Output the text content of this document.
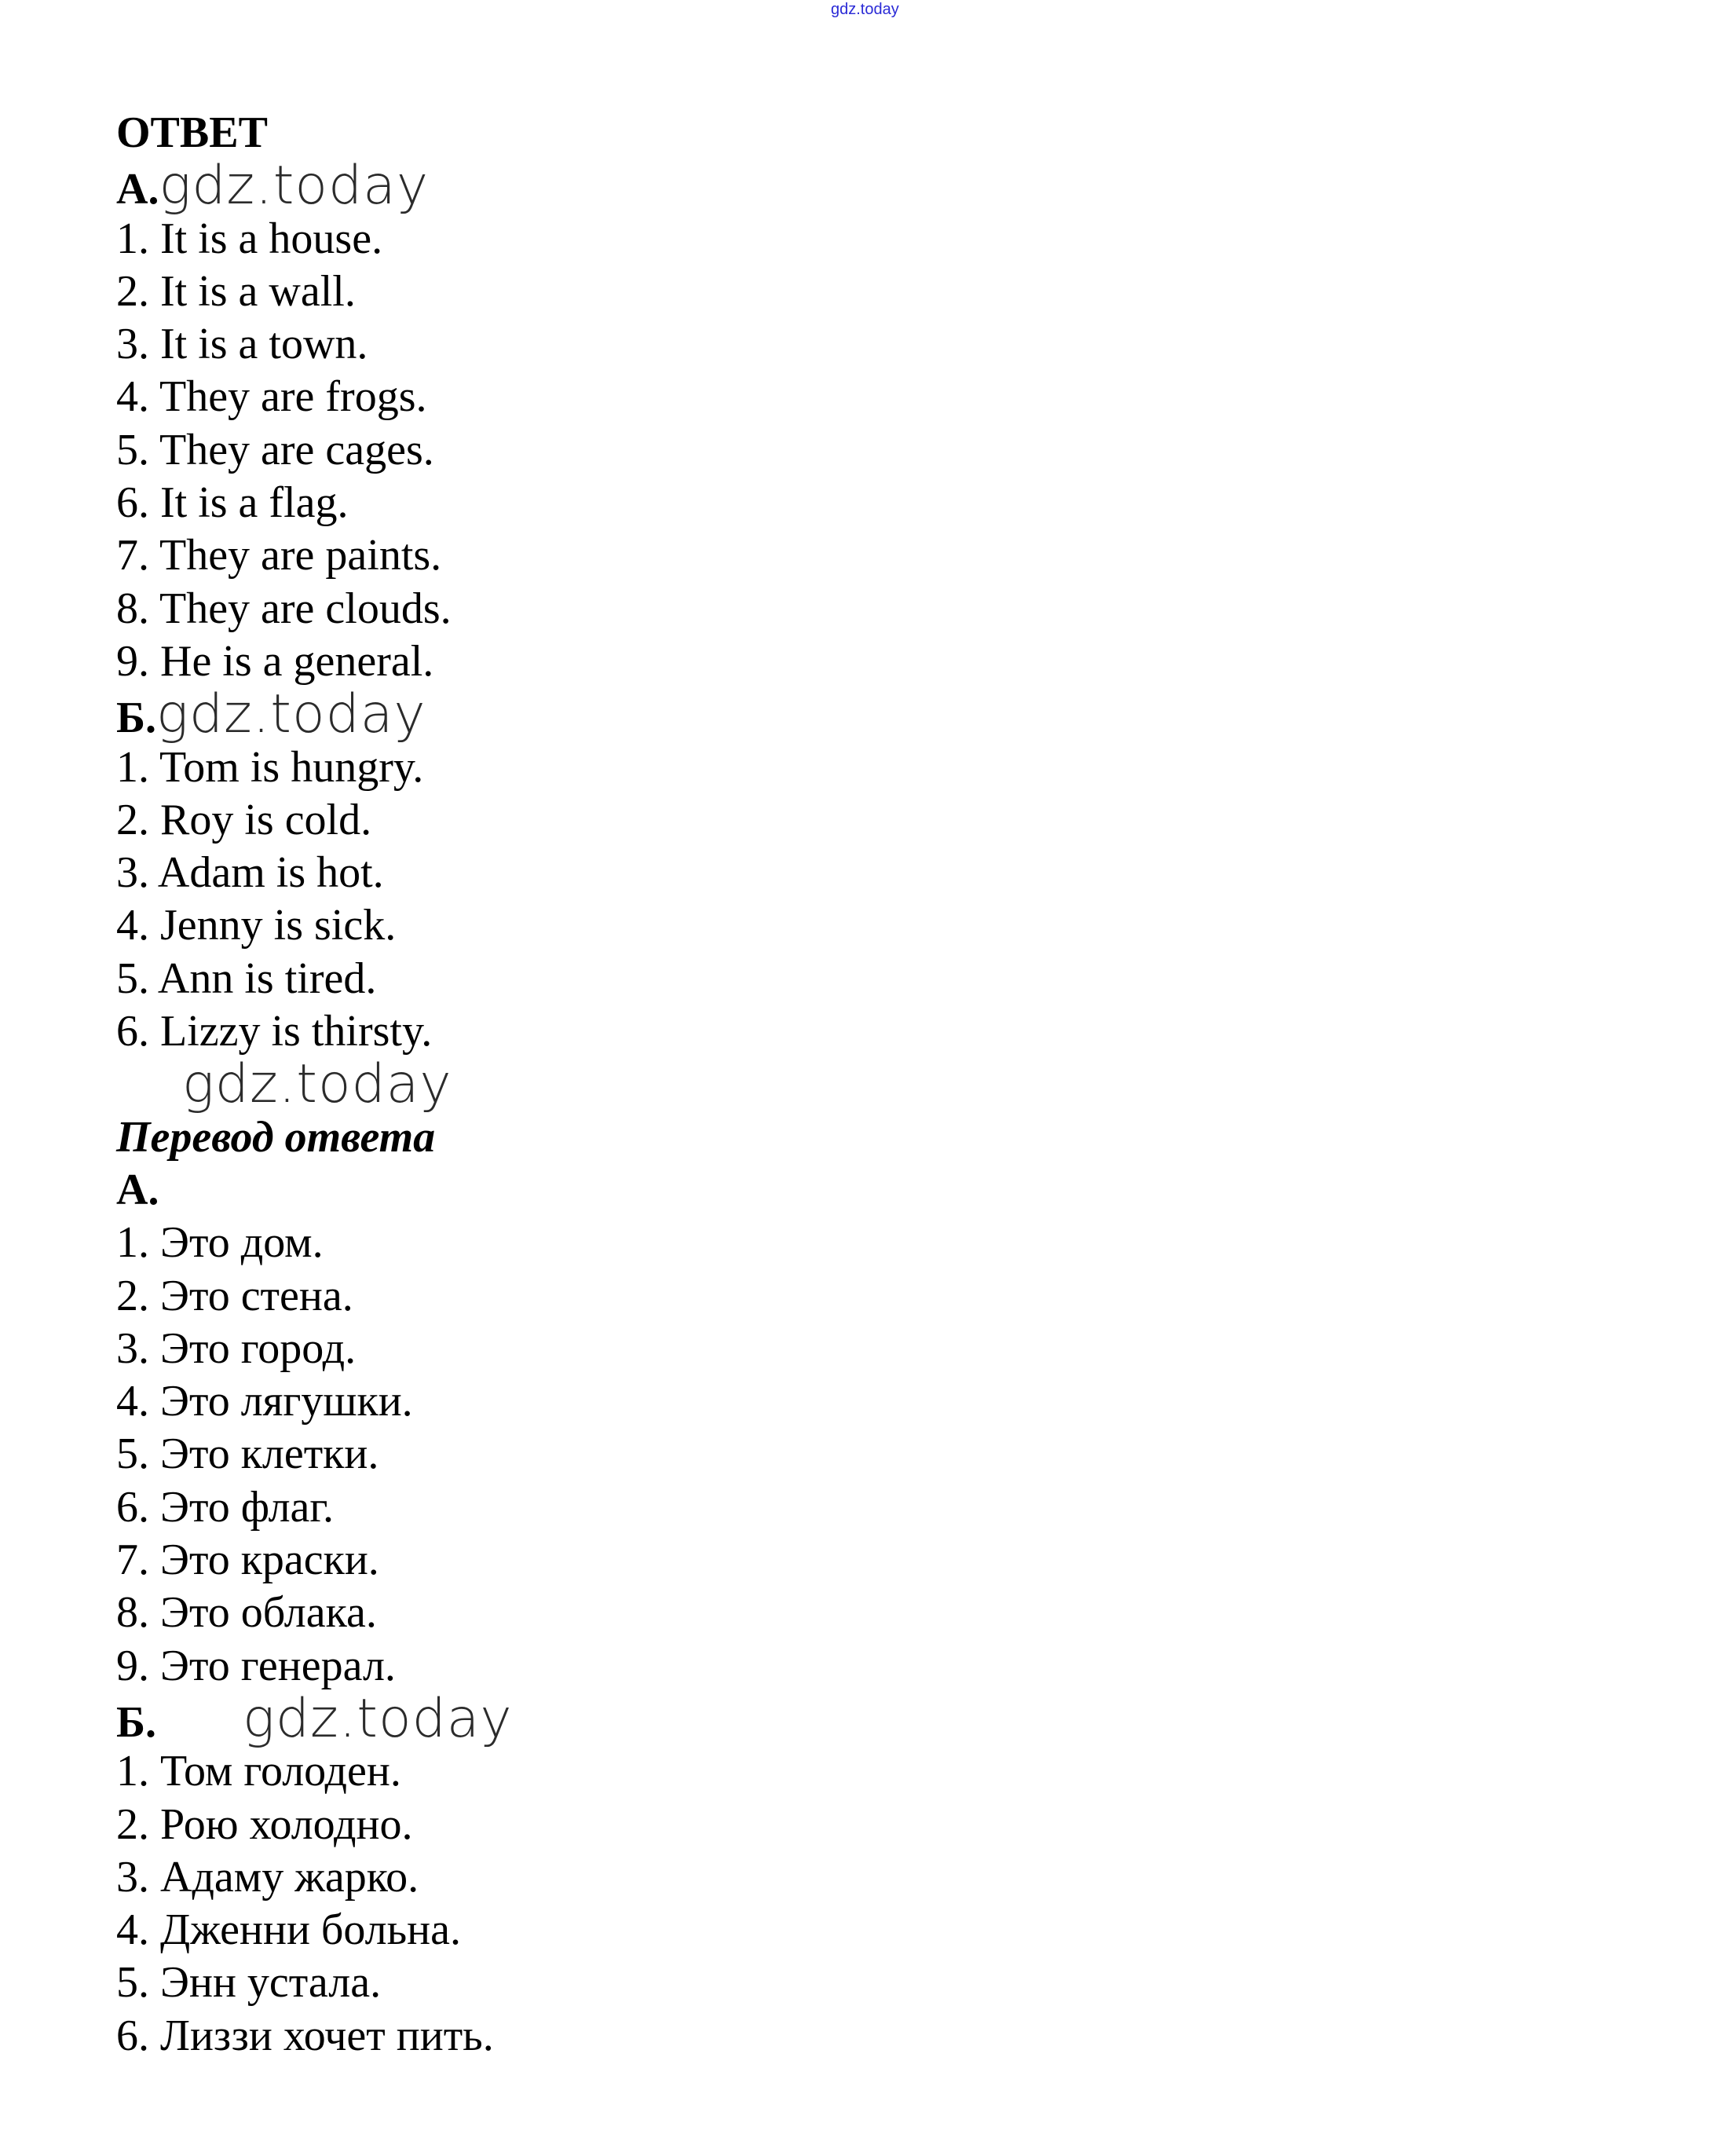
gdz.today
ОТВЕТ
А. gdz.today
1. It is a house.
2. It is a wall.
3. It is a town.
4. They are frogs.
5. They are cages.
6. It is a flag.
7. They are paints.
8. They are clouds.
9. He is a general.
Б. gdz.today
1. Tom is hungry.
2. Roy is cold.
3. Adam is hot.
4. Jenny is sick.
5. Ann is tired.
6. Lizzy is thirsty.
gdz.today
Перевод ответа
А.
1. Это дом.
2. Это стена.
3. Это город.
4. Это лягушки.
5. Это клетки.
6. Это флаг.
7. Это краски.
8. Это облака.
9. Это генерал.
Б. gdz.today
1. Том голоден.
2. Рою холодно.
3. Адаму жарко.
4. Дженни больна.
5. Энн устала.
6. Лиззи хочет пить.
